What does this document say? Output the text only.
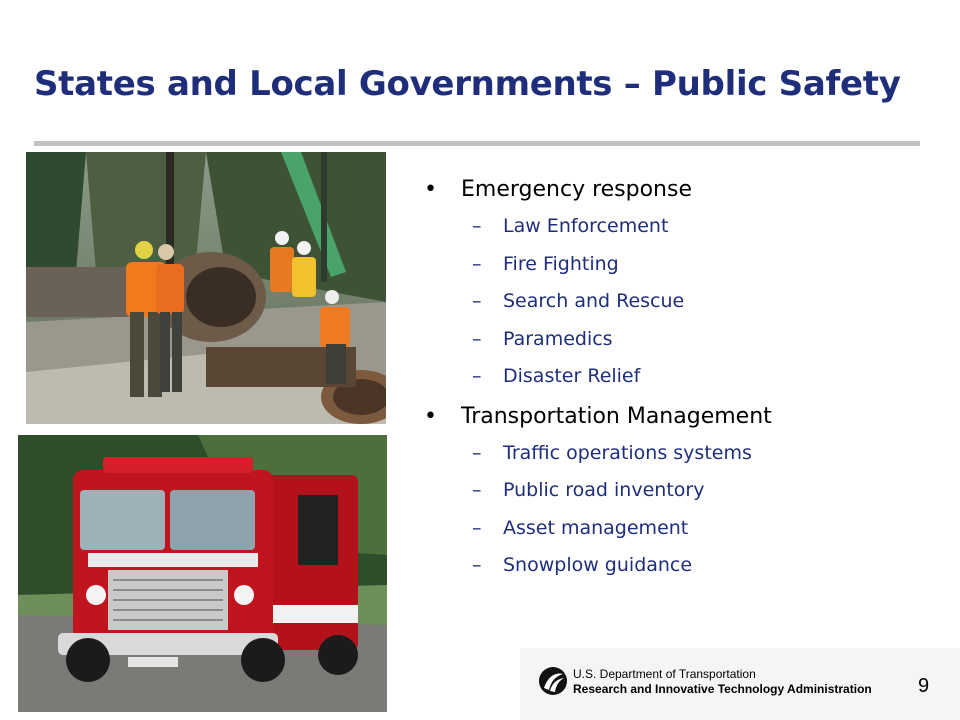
States and Local Governments – Public Safety
• Emergency response
– Law Enforcement
– Fire Fighting
– Search and Rescue
– Paramedics
– Disaster Relief
• Transportation Management
– Traffic operations systems
– Public road inventory
– Asset management
– Snowplow guidance
U.S. Department of Transportation
Research and Innovative Technology Administration 9
